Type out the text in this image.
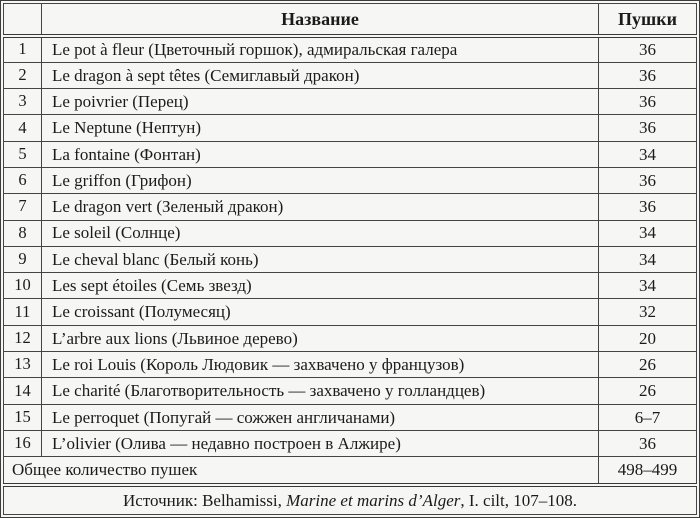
	Название	Пушки
1	Le pot à fleur (Цветочный горшок), адмиральская галера	36
2	Le dragon à sept têtes (Семиглавый дракон)	36
3	Le poivrier (Перец)	36
4	Le Neptune (Нептун)	36
5	La fontaine (Фонтан)	34
6	Le griffon (Грифон)	36
7	Le dragon vert (Зеленый дракон)	36
8	Le soleil (Солнце)	34
9	Le cheval blanc (Белый конь)	34
10	Les sept étoiles (Семь звезд)	34
11	Le croissant (Полумесяц)	32
12	L’arbre aux lions (Львиное дерево)	20
13	Le roi Louis (Король Людовик — захвачено у французов)	26
14	Le charité (Благотворительность — захвачено у голландцев)	26
15	Le perroquet (Попугай — сожжен англичанами)	6–7
16	L’olivier (Олива — недавно построен в Алжире)	36
Общее количество пушек		498–499
Источник: Belhamissi, Marine et marins d’Alger, I. cilt, 107–108.		
